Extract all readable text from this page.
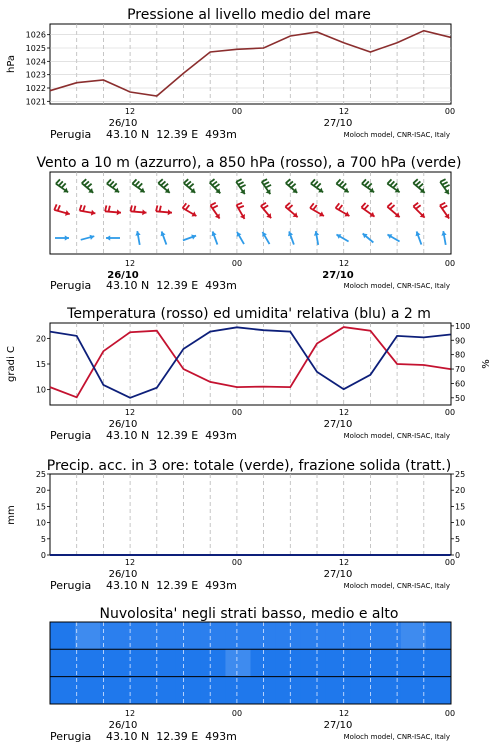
Pressione al livello medio del mare
1021
1022
1023
1024
1025
1026
hPa
12	00	12	00
26/10	27/10
Perugia 43.10 N  12.39 E  493m	Moloch model, CNR-ISAC, Italy
Vento a 10 m (azzurro), a 850 hPa (rosso), a 700 hPa (verde)
12	00	12	00
26/10	27/10
Perugia 43.10 N  12.39 E  493m	Moloch model, CNR-ISAC, Italy
Temperatura (rosso) ed umidita' relativa (blu) a 2 m
10
15
20
50
60
70
80
90
100
gradi C	%
12	00	12	00
26/10	27/10
Perugia 43.10 N  12.39 E  493m	Moloch model, CNR-ISAC, Italy
Precip. acc. in 3 ore: totale (verde), frazione solida (tratt.)
0
5
10
15
20
25
0
5
10
15
20
25
mm
12	00	12	00
26/10	27/10
Perugia 43.10 N  12.39 E  493m	Moloch model, CNR-ISAC, Italy
Nuvolosita' negli strati basso, medio e alto
12	00	12	00
26/10	27/10
Perugia 43.10 N  12.39 E  493m	Moloch model, CNR-ISAC, Italy
